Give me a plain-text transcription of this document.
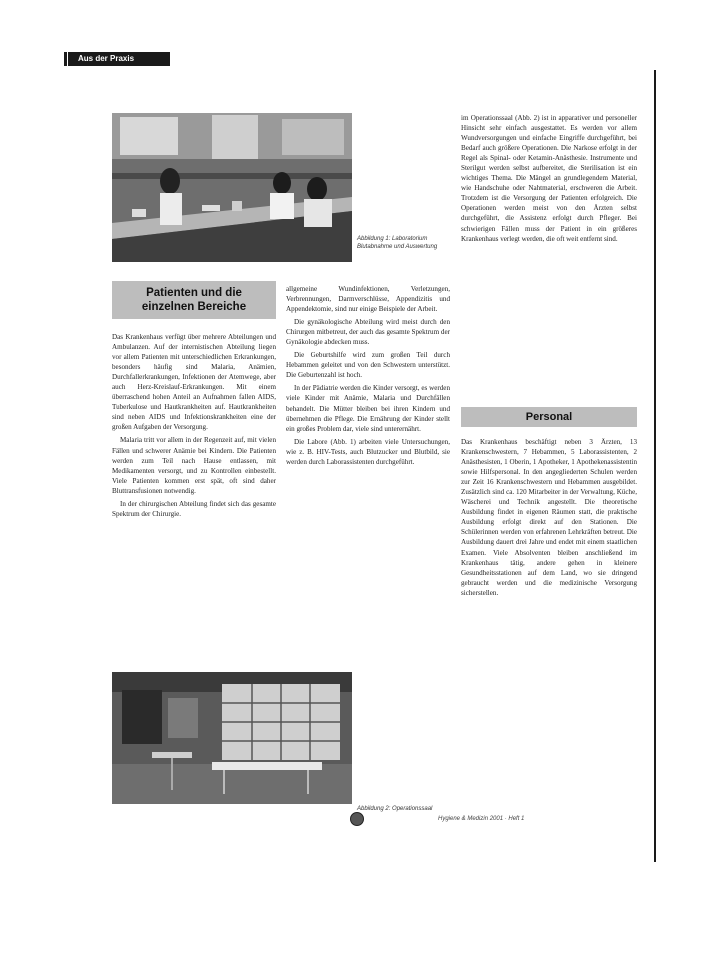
Aus der Praxis
Abbildung 1: Laboratorium Blutabnahme und Auswertung
Patienten und die
einzelnen Bereiche

Das Krankenhaus verfügt über mehrere Abteilungen und Ambulanzen. Auf der internistischen Abteilung liegen vor allem Patienten mit unterschiedlichen Erkrankungen, besonders häufig sind Malaria, Anämien, Durchfallerkrankungen, Infektionen der Atemwege, aber auch Herz-Kreislauf-Erkrankungen. Mit einem überraschend hohen Anteil an Aufnahmen fallen AIDS, Tuberkulose und Hautkrankheiten auf. Hautkrankheiten sind neben AIDS und Infektionskrankheiten eine der großen Aufgaben der Versorgung.

Malaria tritt vor allem in der Regenzeit auf, mit vielen Fällen und schwerer Anämie bei Kindern. Die Patienten werden zum Teil nach Hause entlassen, mit Medikamenten versorgt, und zu Kontrollen einbestellt. Viele Patienten kommen erst spät, oft sind daher Bluttransfusionen notwendig.

In der chirurgischen Abteilung findet sich das gesamte Spektrum der Chirurgie.

allgemeine Wundinfektionen, Verletzungen, Verbrennungen, Darmverschlüsse, Appendizitis und Appendektomie, sind nur einige Beispiele der Arbeit.

Die gynäkologische Abteilung wird meist durch den Chirurgen mitbetreut, der auch das gesamte Spektrum der Gynäkologie abdecken muss.

Die Geburtshilfe wird zum großen Teil durch Hebammen geleitet und von den Schwestern unterstützt. Die Geburtenzahl ist hoch.

In der Pädiatrie werden die Kinder versorgt, es werden viele Kinder mit Anämie, Malaria und Durchfällen behandelt. Die Mütter bleiben bei ihren Kindern und übernehmen die Pflege. Die Ernährung der Kinder stellt ein großes Problem dar, viele sind unterernährt.

Die Labore (Abb. 1) arbeiten viele Untersuchungen, wie z. B. HIV-Tests, auch Blutzucker und Blutbild, sie werden durch Laborassistenten durchgeführt.

im Operationssaal (Abb. 2) ist in apparativer und personeller Hinsicht sehr einfach ausgestattet. Es werden vor allem Wundversorgungen und einfache Eingriffe durchgeführt, bei Bedarf auch größere Operationen. Die Narkose erfolgt in der Regel als Spinal- oder Ketamin-Anästhesie. Instrumente und Sterilgut werden selbst aufbereitet, die Sterilisation ist ein wichtiges Thema. Die Mängel an grundlegendem Material, wie Handschuhe oder Nahtmaterial, erschweren die Arbeit. Trotzdem ist die Versorgung der Patienten erfolgreich. Die Operationen werden meist von den Ärzten selbst durchgeführt, die Assistenz erfolgt durch Pfleger. Bei schwierigen Fällen muss der Patient in ein größeres Krankenhaus verlegt werden, die oft weit entfernt sind.

Personal

Das Krankenhaus beschäftigt neben 3 Ärzten, 13 Krankenschwestern, 7 Hebammen, 5 Laborassistenten, 2 Anästhesisten, 1 Oberin, 1 Apotheker, 1 Apothekenassistentin sowie Hilfspersonal. In den angegliederten Schulen werden zur Zeit 16 Krankenschwestern und Hebammen ausgebildet. Zusätzlich sind ca. 120 Mitarbeiter in der Verwaltung, Küche, Wäscherei und Technik angestellt. Die theoretische Ausbildung findet in eigenen Räumen statt, die praktische Ausbildung erfolgt direkt auf den Stationen. Die Schülerinnen werden von erfahrenen Lehrkräften betreut. Die Ausbildung dauert drei Jahre und endet mit einem staatlichen Examen. Viele Absolventen bleiben anschließend im Krankenhaus tätig, andere gehen in kleinere Gesundheitsstationen auf dem Land, wo sie dringend gebraucht werden und die medizinische Versorgung sicherstellen.

Abbildung 2: Operationssaal
Hygiene & Medizin 2001 · Heft 1
